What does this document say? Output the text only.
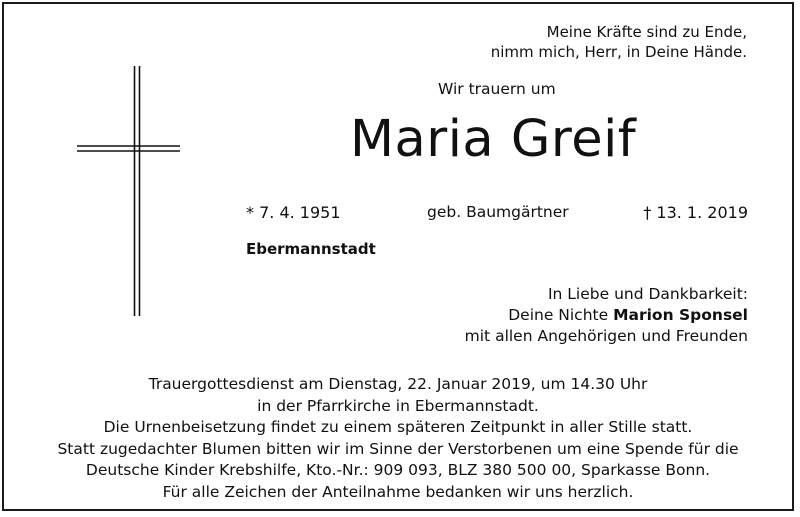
Meine Kräfte sind zu Ende,
nimm mich, Herr, in Deine Hände.
Wir trauern um
Maria Greif
* 7. 4. 1951	geb. Baumgärtner	† 13. 1. 2019
Ebermannstadt
In Liebe und Dankbarkeit:
Deine Nichte Marion Sponsel
mit allen Angehörigen und Freunden
Trauergottesdienst am Dienstag, 22. Januar 2019, um 14.30 Uhr
in der Pfarrkirche in Ebermannstadt.
Die Urnenbeisetzung findet zu einem späteren Zeitpunkt in aller Stille statt.
Statt zugedachter Blumen bitten wir im Sinne der Verstorbenen um eine Spende für die
Deutsche Kinder Krebshilfe, Kto.-Nr.: 909 093, BLZ 380 500 00, Sparkasse Bonn.
Für alle Zeichen der Anteilnahme bedanken wir uns herzlich.
